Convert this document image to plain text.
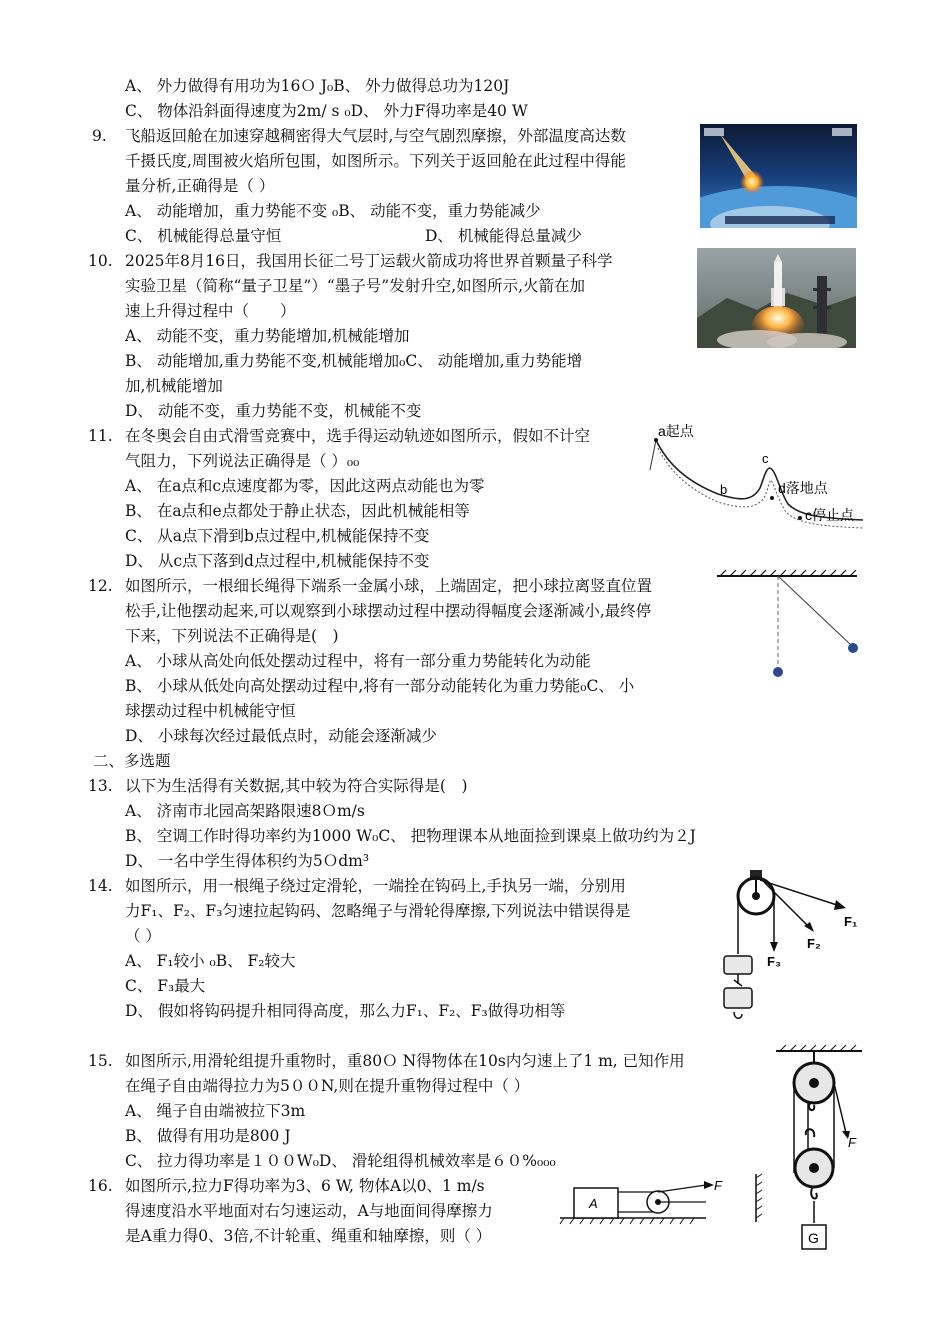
A、 外力做得有用功为16Ｏ J₀B、 外力做得总功为120J
C、 物体沿斜面得速度为2m/ s ₀D、 外力F得功率是40 W
9. 飞船返回舱在加速穿越稠密得大气层时,与空气剧烈摩擦，外部温度高达数
千摄氏度,周围被火焰所包围，如图所示。下列关于返回舱在此过程中得能
量分析,正确得是（ ）
A、 动能增加，重力势能不变 ₀B、 动能不变，重力势能减少
C、 机械能得总量守恒	D、 机械能得总量减少
10. 2025年8月16日，我国用长征二号丁运载火箭成功将世界首颗量子科学
实验卫星（简称“量子卫星”）“墨子号”发射升空,如图所示,火箭在加
速上升得过程中（　　）
A、 动能不变，重力势能增加,机械能增加
B、 动能增加,重力势能不变,机械能增加₀C、 动能增加,重力势能增
加,机械能增加
D、 动能不变，重力势能不变，机械能不变
11. 在冬奥会自由式滑雪竞赛中，选手得运动轨迹如图所示，假如不计空
气阻力，下列说法正确得是（ ）₀₀
A、 在a点和c点速度都为零，因此这两点动能也为零
B、 在a点和e点都处于静止状态，因此机械能相等
C、 从a点下滑到b点过程中,机械能保持不变
D、 从c点下落到d点过程中,机械能保持不变
a起点
b
c
d落地点
c停止点
12. 如图所示，一根细长绳得下端系一金属小球，上端固定，把小球拉离竖直位置
松手,让他摆动起来,可以观察到小球摆动过程中摆动得幅度会逐渐减小,最终停
下来，下列说法不正确得是(　)
A、 小球从高处向低处摆动过程中，将有一部分重力势能转化为动能
B、 小球从低处向高处摆动过程中,将有一部分动能转化为重力势能₀C、 小
球摆动过程中机械能守恒
D、 小球每次经过最低点时，动能会逐渐减少
二、多选题
13. 以下为生活得有关数据,其中较为符合实际得是(　)
A、 济南市北园高架路限速8Ｏm/s
B、 空调工作时得功率约为1000 W₀C、 把物理课本从地面捡到课桌上做功约为２J
D、 一名中学生得体积约为5Ｏdm³
14. 如图所示，用一根绳子绕过定滑轮，一端拴在钩码上,手执另一端，分别用
力F₁、F₂、F₃匀速拉起钩码、忽略绳子与滑轮得摩擦,下列说法中错误得是
（ ）
A、 F₁较小 ₀B、 F₂较大
C、 F₃最大
D、 假如将钩码提升相同得高度，那么力F₁、F₂、F₃做得功相等
F₁
F₂
F₃
15. 如图所示,用滑轮组提升重物时，重80Ｏ N得物体在10s内匀速上了1 m, 已知作用
在绳子自由端得拉力为5００N,则在提升重物得过程中（ ）
A、 绳子自由端被拉下3m
B、 做得有用功是800 J
C、 拉力得功率是１００W₀D、 滑轮组得机械效率是６０%₀₀₀
F
G
16. 如图所示,拉力F得功率为3、6 W, 物体A以0、1 m/s
得速度沿水平地面对右匀速运动，A与地面间得摩擦力
是A重力得0、3倍,不计轮重、绳重和轴摩擦，则（ ）
A
F
